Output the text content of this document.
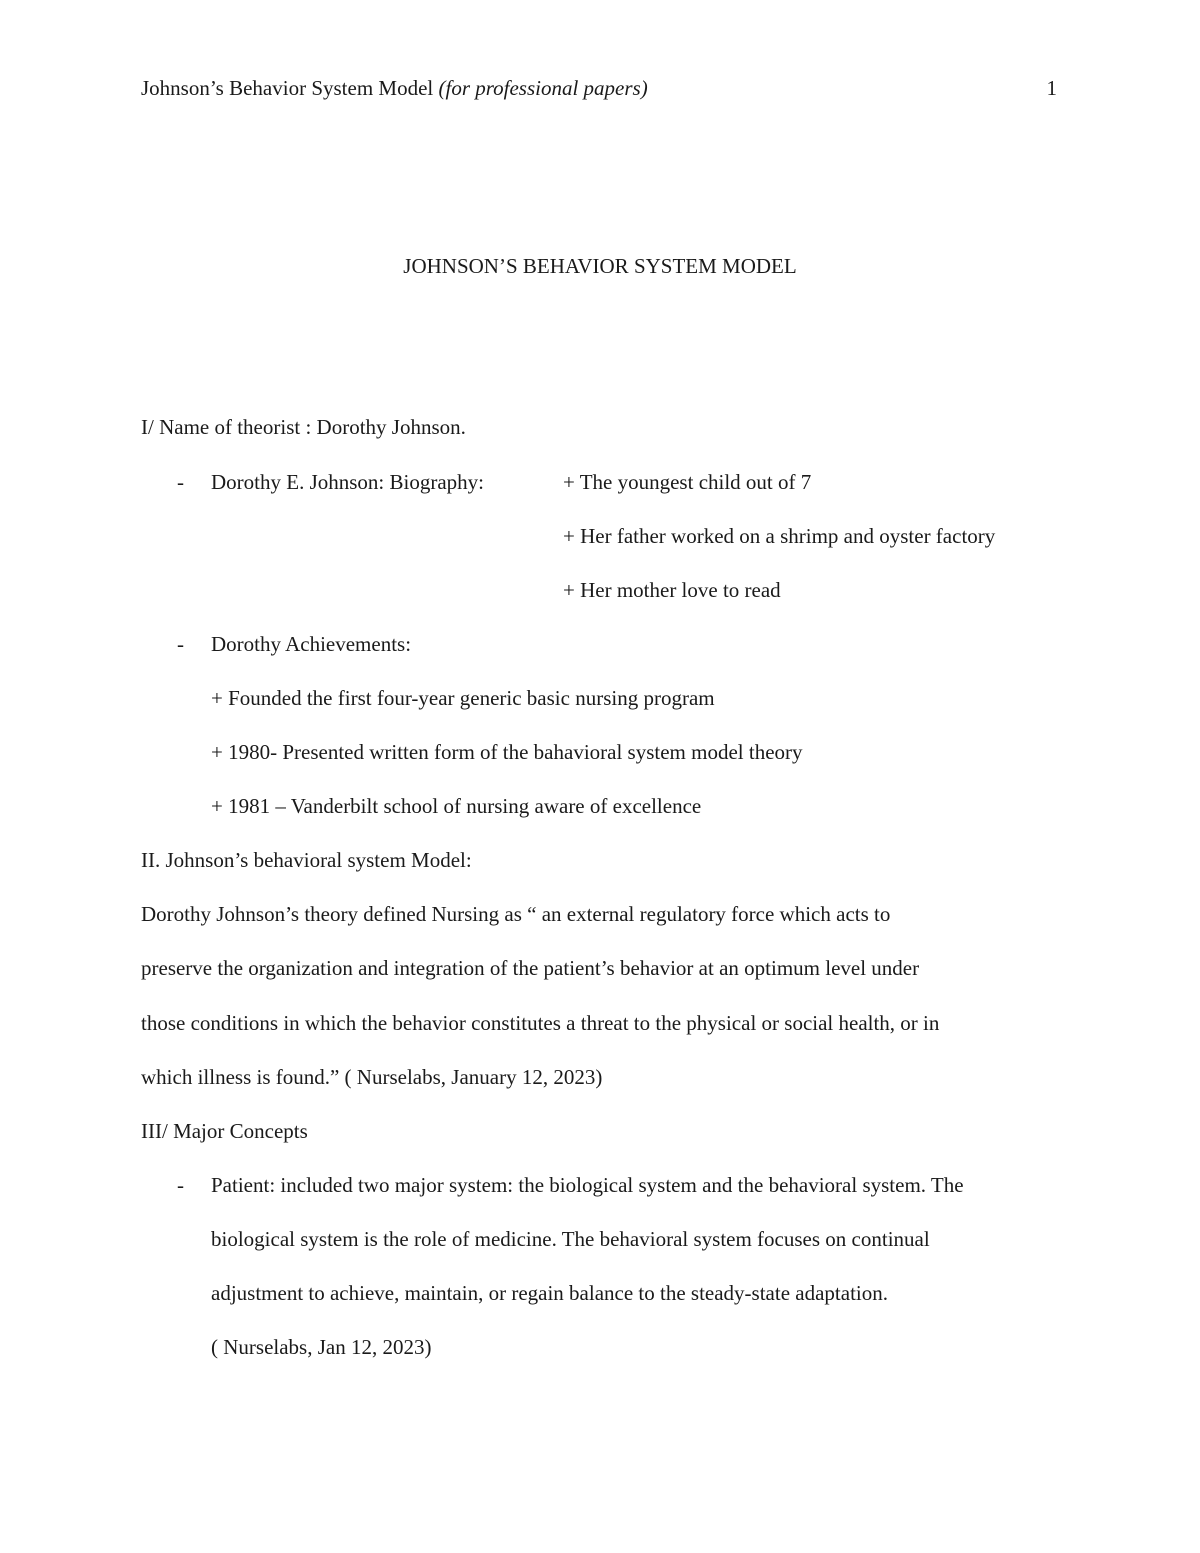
Johnson’s Behavior System Model (for professional papers)	1
JOHNSON’S BEHAVIOR SYSTEM MODEL
I/ Name of theorist : Dorothy Johnson.
- Dorothy E. Johnson: Biography:	+ The youngest child out of 7
+ Her father worked on a shrimp and oyster factory
+ Her mother love to read
- Dorothy Achievements:
+ Founded the first four-year generic basic nursing program
+ 1980- Presented written form of the bahavioral system model theory
+ 1981 – Vanderbilt school of nursing aware of excellence
II. Johnson’s behavioral system Model:
Dorothy Johnson’s theory defined Nursing as “ an external regulatory force which acts to
preserve the organization and integration of the patient’s behavior at an optimum level under
those conditions in which the behavior constitutes a threat to the physical or social health, or in
which illness is found.” ( Nurselabs, January 12, 2023)
III/ Major Concepts
- Patient: included two major system: the biological system and the behavioral system. The
biological system is the role of medicine. The behavioral system focuses on continual
adjustment to achieve, maintain, or regain balance to the steady-state adaptation.
( Nurselabs, Jan 12, 2023)
